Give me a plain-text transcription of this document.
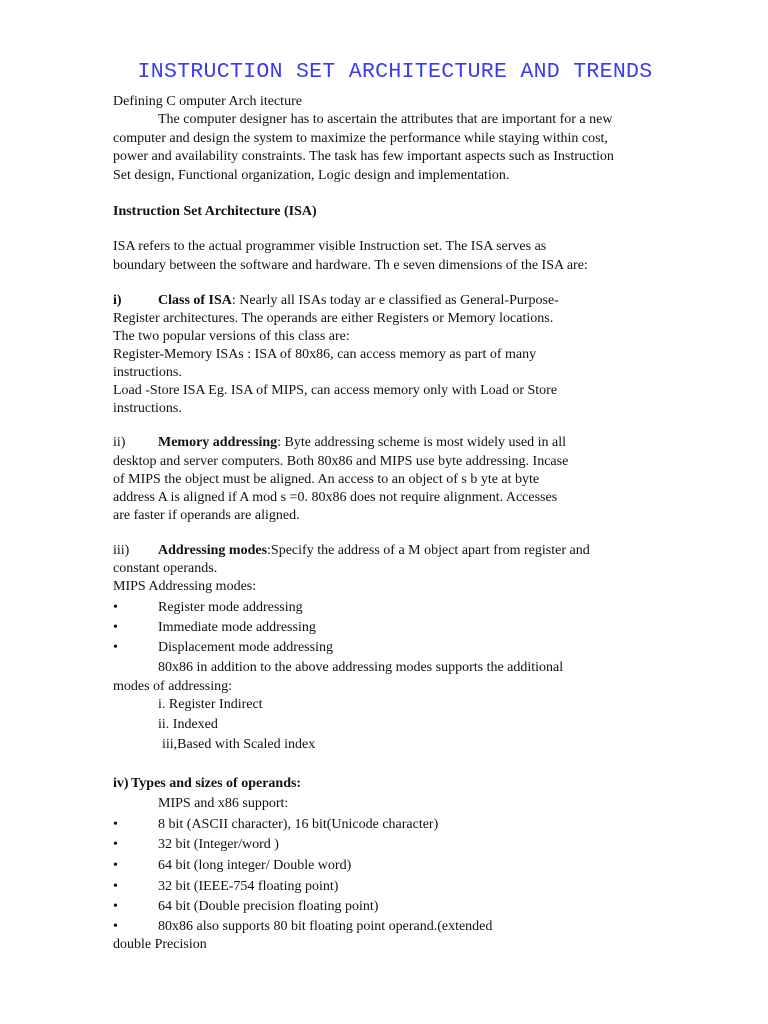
INSTRUCTION SET ARCHITECTURE AND TRENDS
Defining C omputer Arch itecture
The computer designer has to ascertain the attributes that are important for a new
computer and design the system to maximize the performance while staying within cost,
power and availability constraints. The task has few important aspects such as Instruction
Set design, Functional organization, Logic design and implementation.
Instruction Set Architecture (ISA)
ISA refers to the actual programmer visible Instruction set. The ISA serves as
boundary between the software and hardware. Th e seven dimensions of the ISA are:
i)	Class of ISA: Nearly all ISAs today ar e classified as General-Purpose-
Register architectures. The operands are either Registers or Memory locations.
The two popular versions of this class are:
Register-Memory ISAs : ISA of 80x86, can access memory as part of many
instructions.
Load -Store ISA Eg. ISA of MIPS, can access memory only with Load or Store
instructions.
ii) Memory addressing: Byte addressing scheme is most widely used in all
desktop and server computers. Both 80x86 and MIPS use byte addressing. Incase
of MIPS the object must be aligned. An access to an object of s b yte at byte
address A is aligned if A mod s =0. 80x86 does not require alignment. Accesses
are faster if operands are aligned.
iii) Addressing modes:Specify the address of a M object apart from register and
constant operands.
MIPS Addressing modes:
•	Register mode addressing
•	Immediate mode addressing
•	Displacement mode addressing
80x86 in addition to the above addressing modes supports the additional
modes of addressing:
i. Register Indirect
ii. Indexed
iii,Based with Scaled index
iv) Types and sizes of operands:
MIPS and x86 support:
•	8 bit (ASCII character), 16 bit(Unicode character)
•	32 bit (Integer/word )
•	64 bit (long integer/ Double word)
•	32 bit (IEEE-754 floating point)
•	64 bit (Double precision floating point)
•	80x86 also supports 80 bit floating point operand.(extended
double Precision
